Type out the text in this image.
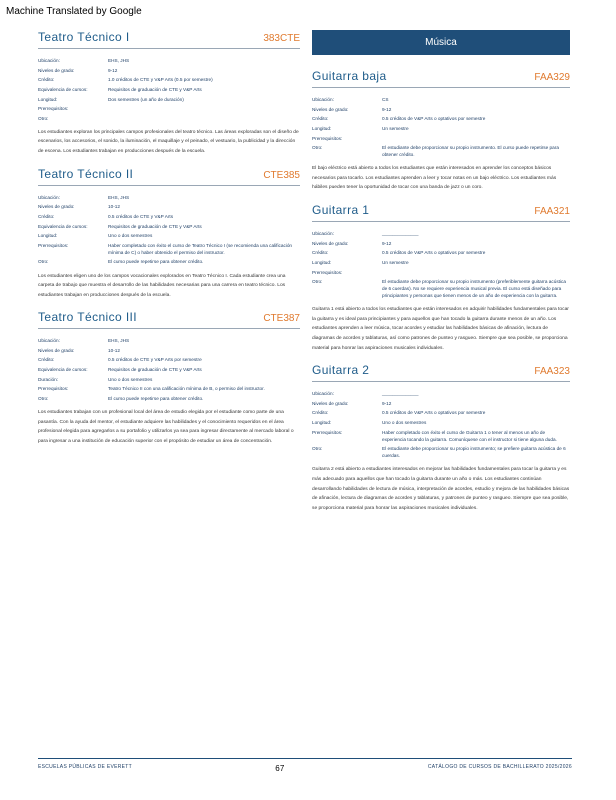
Machine Translated by Google
Teatro Técnico I	383CTE
Ubicación:	EHS, JHS
Niveles de grado:	9-12
Crédito:	1.0 créditos de CTE y V&P Arts (0.5 por semestre)
Equivalencia de cursos:	Requisitos de graduación de CTE y V&P Arts
Longitud:	Dos semestres (un año de duración)
Prerrequisitos:
Otro:

Los estudiantes exploran los principales campos profesionales del teatro técnico. Las áreas exploradas son el diseño de escenarios, los accesorios, el sonido, la iluminación, el maquillaje y el peinado, el vestuario, la publicidad y la dirección de escena. Los estudiantes trabajan en producciones después de la escuela.

Teatro Técnico II	CTE385
Ubicación:	EHS, JHS
Niveles de grado:	10-12
Crédito:	0.5 créditos de CTE y V&P Arts
Equivalencia de cursos:	Requisitos de graduación de CTE y V&P Arts
Longitud:	Uno o dos semestres
Prerrequisitos:	Haber completado con éxito el curso de Teatro Técnico I (se recomienda una calificación mínima de C) o haber obtenido el permiso del instructor.
Otro:	El curso puede repetirse para obtener crédito.

Los estudiantes eligen uno de los campos vocacionales explorados en Teatro Técnico I. Cada estudiante crea una carpeta de trabajo que muestra el desarrollo de las habilidades necesarias para una carrera en teatro técnico. Los estudiantes trabajan en producciones después de la escuela.

Teatro Técnico III	CTE387
Ubicación:	EHS, JHS
Niveles de grado:	10-12
Crédito:	0.5 créditos de CTE y V&P Arts por semestre
Equivalencia de cursos:	Requisitos de graduación de CTE y V&P Arts
Duración:	Uno o dos semestres
Prerrequisitos:	Teatro Técnico II con una calificación mínima de B, o permiso del instructor.
Otro:	El curso puede repetirse para obtener crédito.

Los estudiantes trabajan con un profesional local del área de estudio elegida por el estudiante como parte de una pasantía. Con la ayuda del mentor, el estudiante adquiere las habilidades y el conocimiento requeridos en el área profesional elegida para agregarlos a su portafolio y utilizarlos ya sea para ingresar directamente al mercado laboral o para ingresar a una institución de educación superior con el propósito de estudiar un área de concentración.

Música
Guitarra baja	FAA329
Ubicación:	CS
Niveles de grado:	9-12
Crédito:	0.5 créditos de V&P Arts o optativos por semestre
Longitud:	Un semestre
Prerrequisitos:
Otro:	El estudiante debe proporcionar su propio instrumento. El curso puede repetirse para obtener crédito.

El bajo eléctrico está abierto a todos los estudiantes que están interesados en aprender los conceptos básicos necesarios para tocarlo. Los estudiantes aprenden a leer y tocar notas en un bajo eléctrico. Los estudiantes más hábiles pueden tener la oportunidad de tocar con una banda de jazz o un coro.

Guitarra 1	FAA321
Ubicación:	______________
Niveles de grado:	9-12
Crédito:	0.5 créditos de V&P Arts o optativos por semestre
Longitud:	Un semestre
Prerrequisitos:
Otro:	El estudiante debe proporcionar su propio instrumento (preferiblemente guitarra acústica de 6 cuerdas). No se requiere experiencia musical previa. El curso está diseñado para principiantes y personas que tienen menos de un año de experiencia con la guitarra.

Guitarra 1 está abierto a todos los estudiantes que están interesados en adquirir habilidades fundamentales para tocar la guitarra y es ideal para principiantes y para aquellos que han tocado la guitarra durante menos de un año. Los estudiantes aprenden a leer música, tocar acordes y estudiar las habilidades básicas de afinación, lectura de diagramas de acordes y tablaturas, así como patrones de punteo y rasgueo. Siempre que sea posible, se proporciona material para honrar las aspiraciones musicales individuales.

Guitarra 2	FAA323
Ubicación:	______________
Niveles de grado:	9-12
Crédito:	0.5 créditos de V&P Arts o optativos por semestre
Longitud:	Uno o dos semestres
Prerrequisitos:	Haber completado con éxito el curso de Guitarra 1 o tener al menos un año de experiencia tocando la guitarra. Comuníquese con el instructor si tiene alguna duda.
Otro:	El estudiante debe proporcionar su propio instrumento; se prefiere guitarra acústica de 6 cuerdas.

Guitarra 2 está abierto a estudiantes interesados en mejorar las habilidades fundamentales para tocar la guitarra y es más adecuado para aquellos que han tocado la guitarra durante un año o más. Los estudiantes continúan desarrollando habilidades de lectura de música, interpretación de acordes, estudio y mejora de las habilidades básicas de afinación, lectura de diagramas de acordes y tablaturas, y patrones de punteo y rasgueo. Siempre que sea posible, se proporciona material para honrar las aspiraciones musicales individuales.

ESCUELAS PÚBLICAS DE EVERETT	67	CATÁLOGO DE CURSOS DE BACHILLERATO 2025/2026
